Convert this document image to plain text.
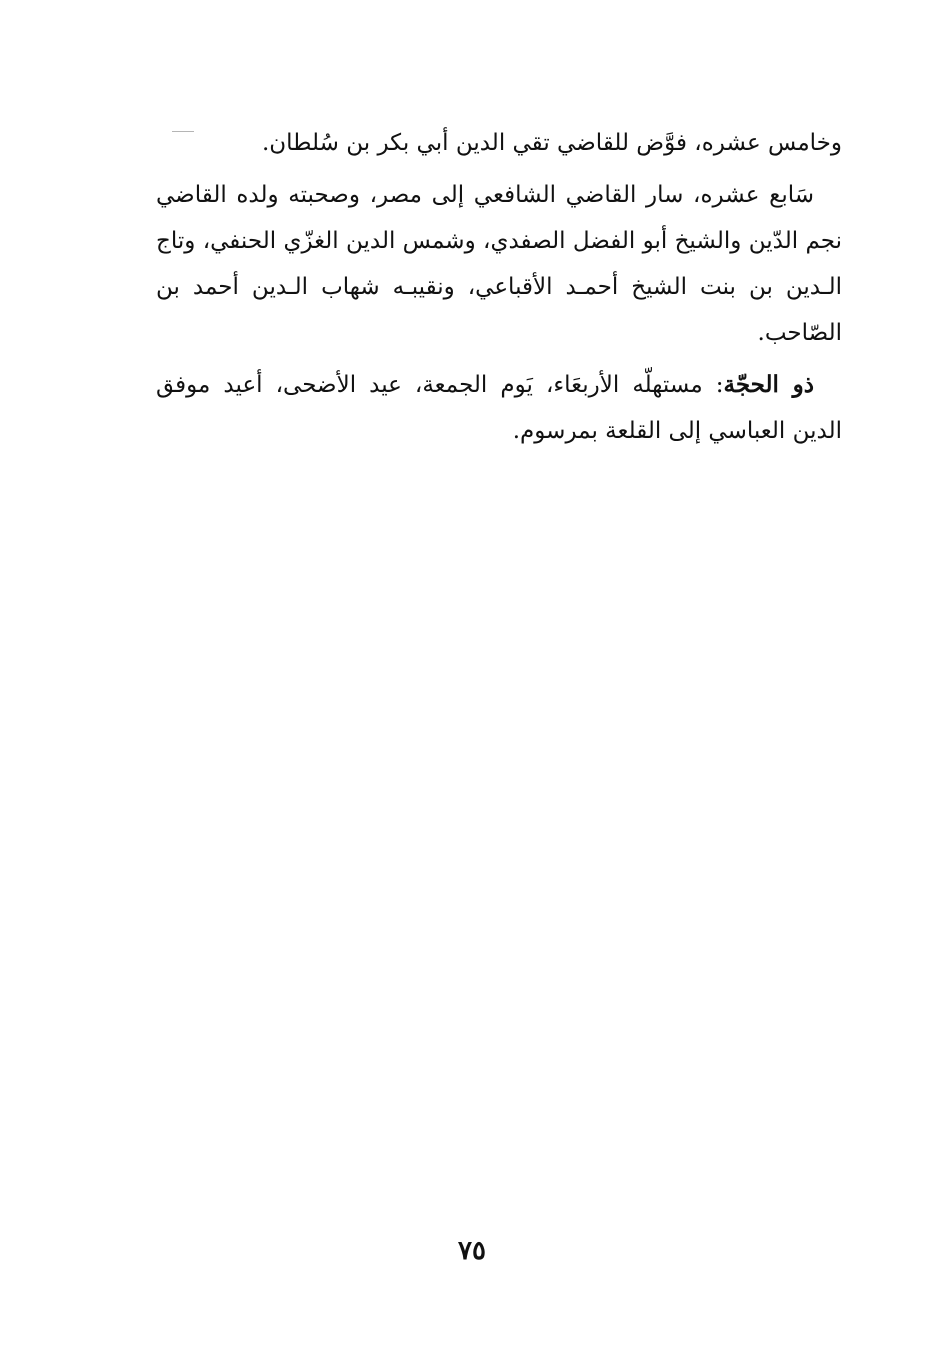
وخامس عشره، فوَّض للقاضي تقي الدين أبي بكر بن سُلطان.

سَابع عشره، سار القاضي الشافعي إلى مصر، وصحبته ولده القاضي نجم الدّين والشيخ أبو الفضل الصفدي، وشمس الدين الغزّي الحنفي، وتاج الـدين بن بنت الشيخ أحمـد الأقباعي، ونقيبـه شهاب الـدين أحمد بن الصّاحب.

ذو الحجّة: مستهلّه الأربعَاء، يَوم الجمعة، عيد الأضحى، أعيد موفق الدين العباسي إلى القلعة بمرسوم.

٧٥
